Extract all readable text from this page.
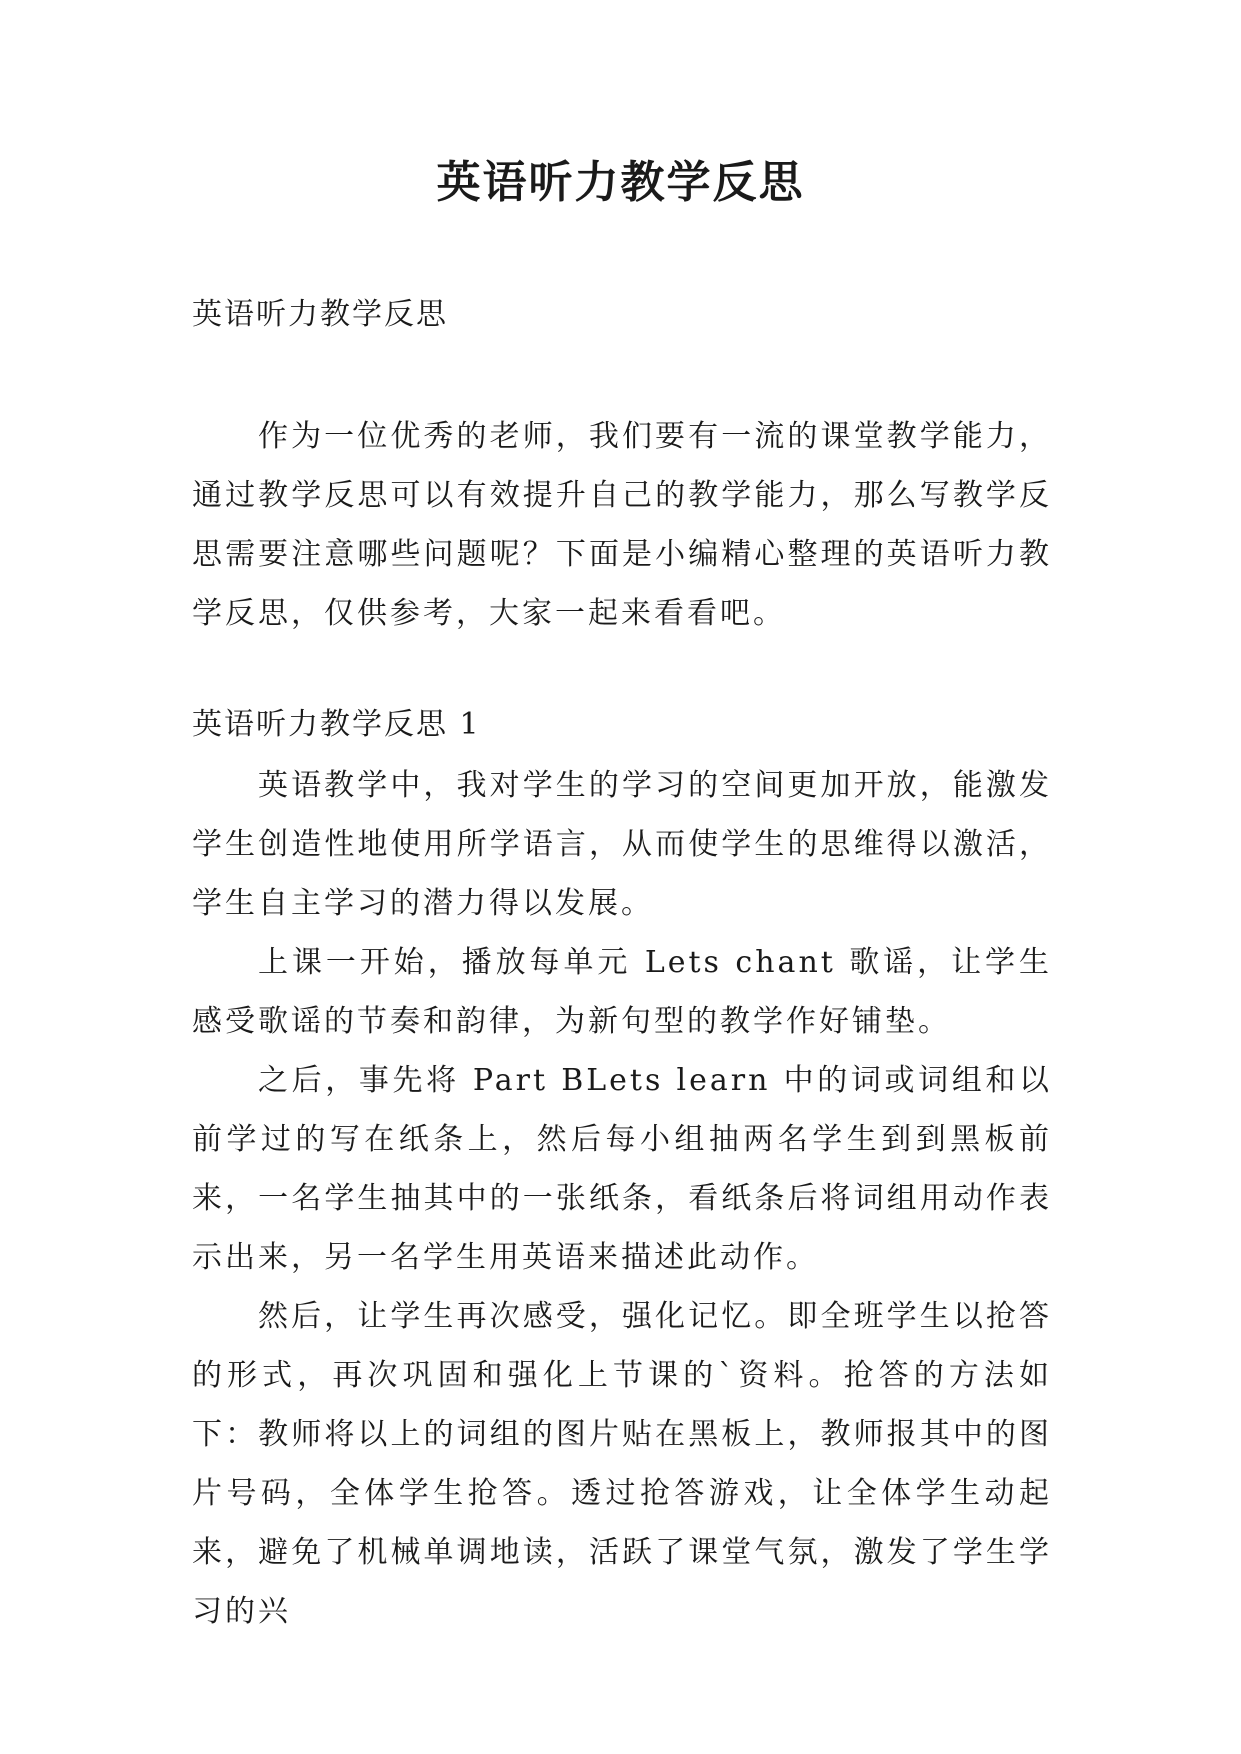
英语听力教学反思

英语听力教学反思

作为一位优秀的老师，我们要有一流的课堂教学能力，通过教学反思可以有效提升自己的教学能力，那么写教学反思需要注意哪些问题呢？下面是小编精心整理的英语听力教学反思，仅供参考，大家一起来看看吧。

英语听力教学反思 1

英语教学中，我对学生的学习的空间更加开放，能激发学生创造性地使用所学语言，从而使学生的思维得以激活，学生自主学习的潜力得以发展。

上课一开始，播放每单元 Lets chant 歌谣，让学生感受歌谣的节奏和韵律，为新句型的教学作好铺垫。

之后，事先将 Part BLets learn 中的词或词组和以前学过的写在纸条上，然后每小组抽两名学生到到黑板前来，一名学生抽其中的一张纸条，看纸条后将词组用动作表示出来，另一名学生用英语来描述此动作。

然后，让学生再次感受，强化记忆。即全班学生以抢答的形式，再次巩固和强化上节课的`资料。抢答的方法如下：教师将以上的词组的图片贴在黑板上，教师报其中的图片号码，全体学生抢答。透过抢答游戏，让全体学生动起来，避免了机械单调地读，活跃了课堂气氛，激发了学生学习的兴
